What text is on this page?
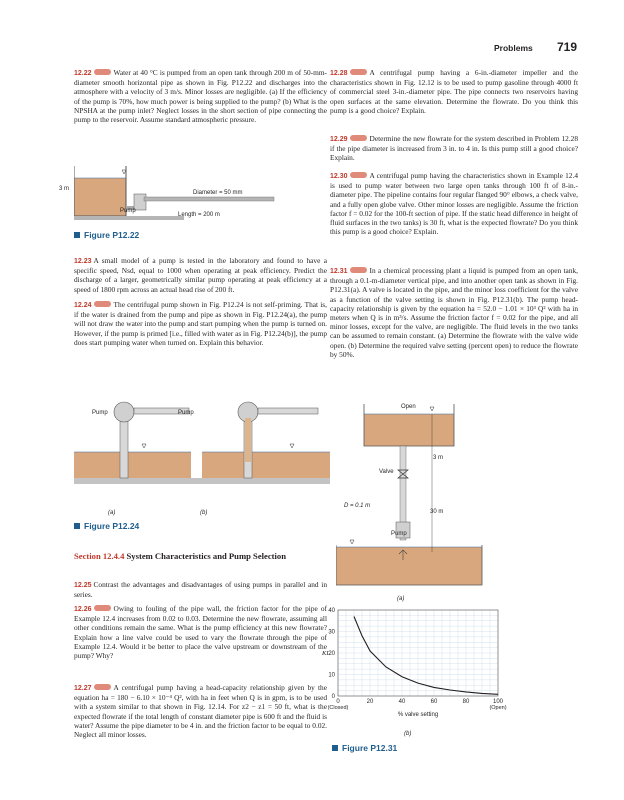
Problems 719

12.22	Water at 40 °C is pumped from an open tank through 200 m of 50-mm-diameter smooth horizontal pipe as shown in Fig. P12.22 and discharges into the atmosphere with a velocity of 3 m/s. Minor losses are negligible. (a) If the efficiency of the pump is 70%, how much power is being supplied to the pump? (b) What is the NPSHA at the pump inlet? Neglect losses in the short section of pipe connecting the pump to the reservoir. Assume standard atmospheric pressure.

3 m
Diameter = 50 mm
Pump
Length = 200 m
Figure P12.22

12.23 A small model of a pump is tested in the laboratory and found to have a specific speed, Nsd, equal to 1000 when operating at peak efficiency. Predict the discharge of a larger, geometrically similar pump operating at peak efficiency at a speed of 1800 rpm across an actual head rise of 200 ft.

12.24	The centrifugal pump shown in Fig. P12.24 is not self-priming. That is, if the water is drained from the pump and pipe as shown in Fig. P12.24(a), the pump will not draw the water into the pump and start pumping when the pump is turned on. However, if the pump is primed [i.e., filled with water as in Fig. P12.24(b)], the pump does start pumping water when turned on. Explain this behavior.

Pump	Pump
(a)	(b)
Figure P12.24
Section 12.4.4 System Characteristics and Pump Selection

12.25 Contrast the advantages and disadvantages of using pumps in parallel and in series.

12.26	Owing to fouling of the pipe wall, the friction factor for the pipe of Example 12.4 increases from 0.02 to 0.03. Determine the new flowrate, assuming all other conditions remain the same. What is the pump efficiency at this new flowrate? Explain how a line valve could be used to vary the flowrate through the pipe of Example 12.4. Would it be better to place the valve upstream or downstream of the pump? Why?

12.27	A centrifugal pump having a head-capacity relationship given by the equation ha = 180 − 6.10 × 10⁻⁴ Q², with ha in feet when Q is in gpm, is to be used with a system similar to that shown in Fig. 12.14. For z2 − z1 = 50 ft, what is the expected flowrate if the total length of constant diameter pipe is 600 ft and the fluid is water? Assume the pipe diameter to be 4 in. and the friction factor to be equal to 0.02. Neglect all minor losses.

12.28	A centrifugal pump having a 6-in.-diameter impeller and the characteristics shown in Fig. 12.12 is to be used to pump gasoline through 4000 ft of commercial steel 3-in.-diameter pipe. The pipe connects two reservoirs having open surfaces at the same elevation. Determine the flowrate. Do you think this pump is a good choice? Explain.

12.29	Determine the new flowrate for the system described in Problem 12.28 if the pipe diameter is increased from 3 in. to 4 in. Is this pump still a good choice? Explain.

12.30	A centrifugal pump having the characteristics shown in Example 12.4 is used to pump water between two large open tanks through 100 ft of 8-in.-diameter pipe. The pipeline contains four regular flanged 90° elbows, a check valve, and a fully open globe valve. Other minor losses are negligible. Assume the friction factor f = 0.02 for the 100-ft section of pipe. If the static head difference in height of fluid surfaces in the two tanks) is 30 ft, what is the expected flowrate? Do you think this pump is a good choice? Explain.

12.31	In a chemical processing plant a liquid is pumped from an open tank, through a 0.1-m-diameter vertical pipe, and into another open tank as shown in Fig. P12.31(a). A valve is located in the pipe, and the minor loss coefficient for the valve as a function of the valve setting is shown in Fig. P12.31(b). The pump head-capacity relationship is given by the equation ha = 52.0 − 1.01 × 10³ Q² with ha in meters when Q is in m³/s. Assume the friction factor f = 0.02 for the pipe, and all minor losses, except for the valve, are negligible. The fluid levels in the two tanks can be assumed to remain constant. (a) Determine the flowrate with the valve wide open. (b) Determine the required valve setting (percent open) to reduce the flowrate by 50%.

Open
3 m
Valve
D = 0.1 m
30 m
Pump
(a)
0
(Closed)
20	40	60	80	100
(Open)
0
10
20
30
40
% valve setting
KL
(b)
Figure P12.31
